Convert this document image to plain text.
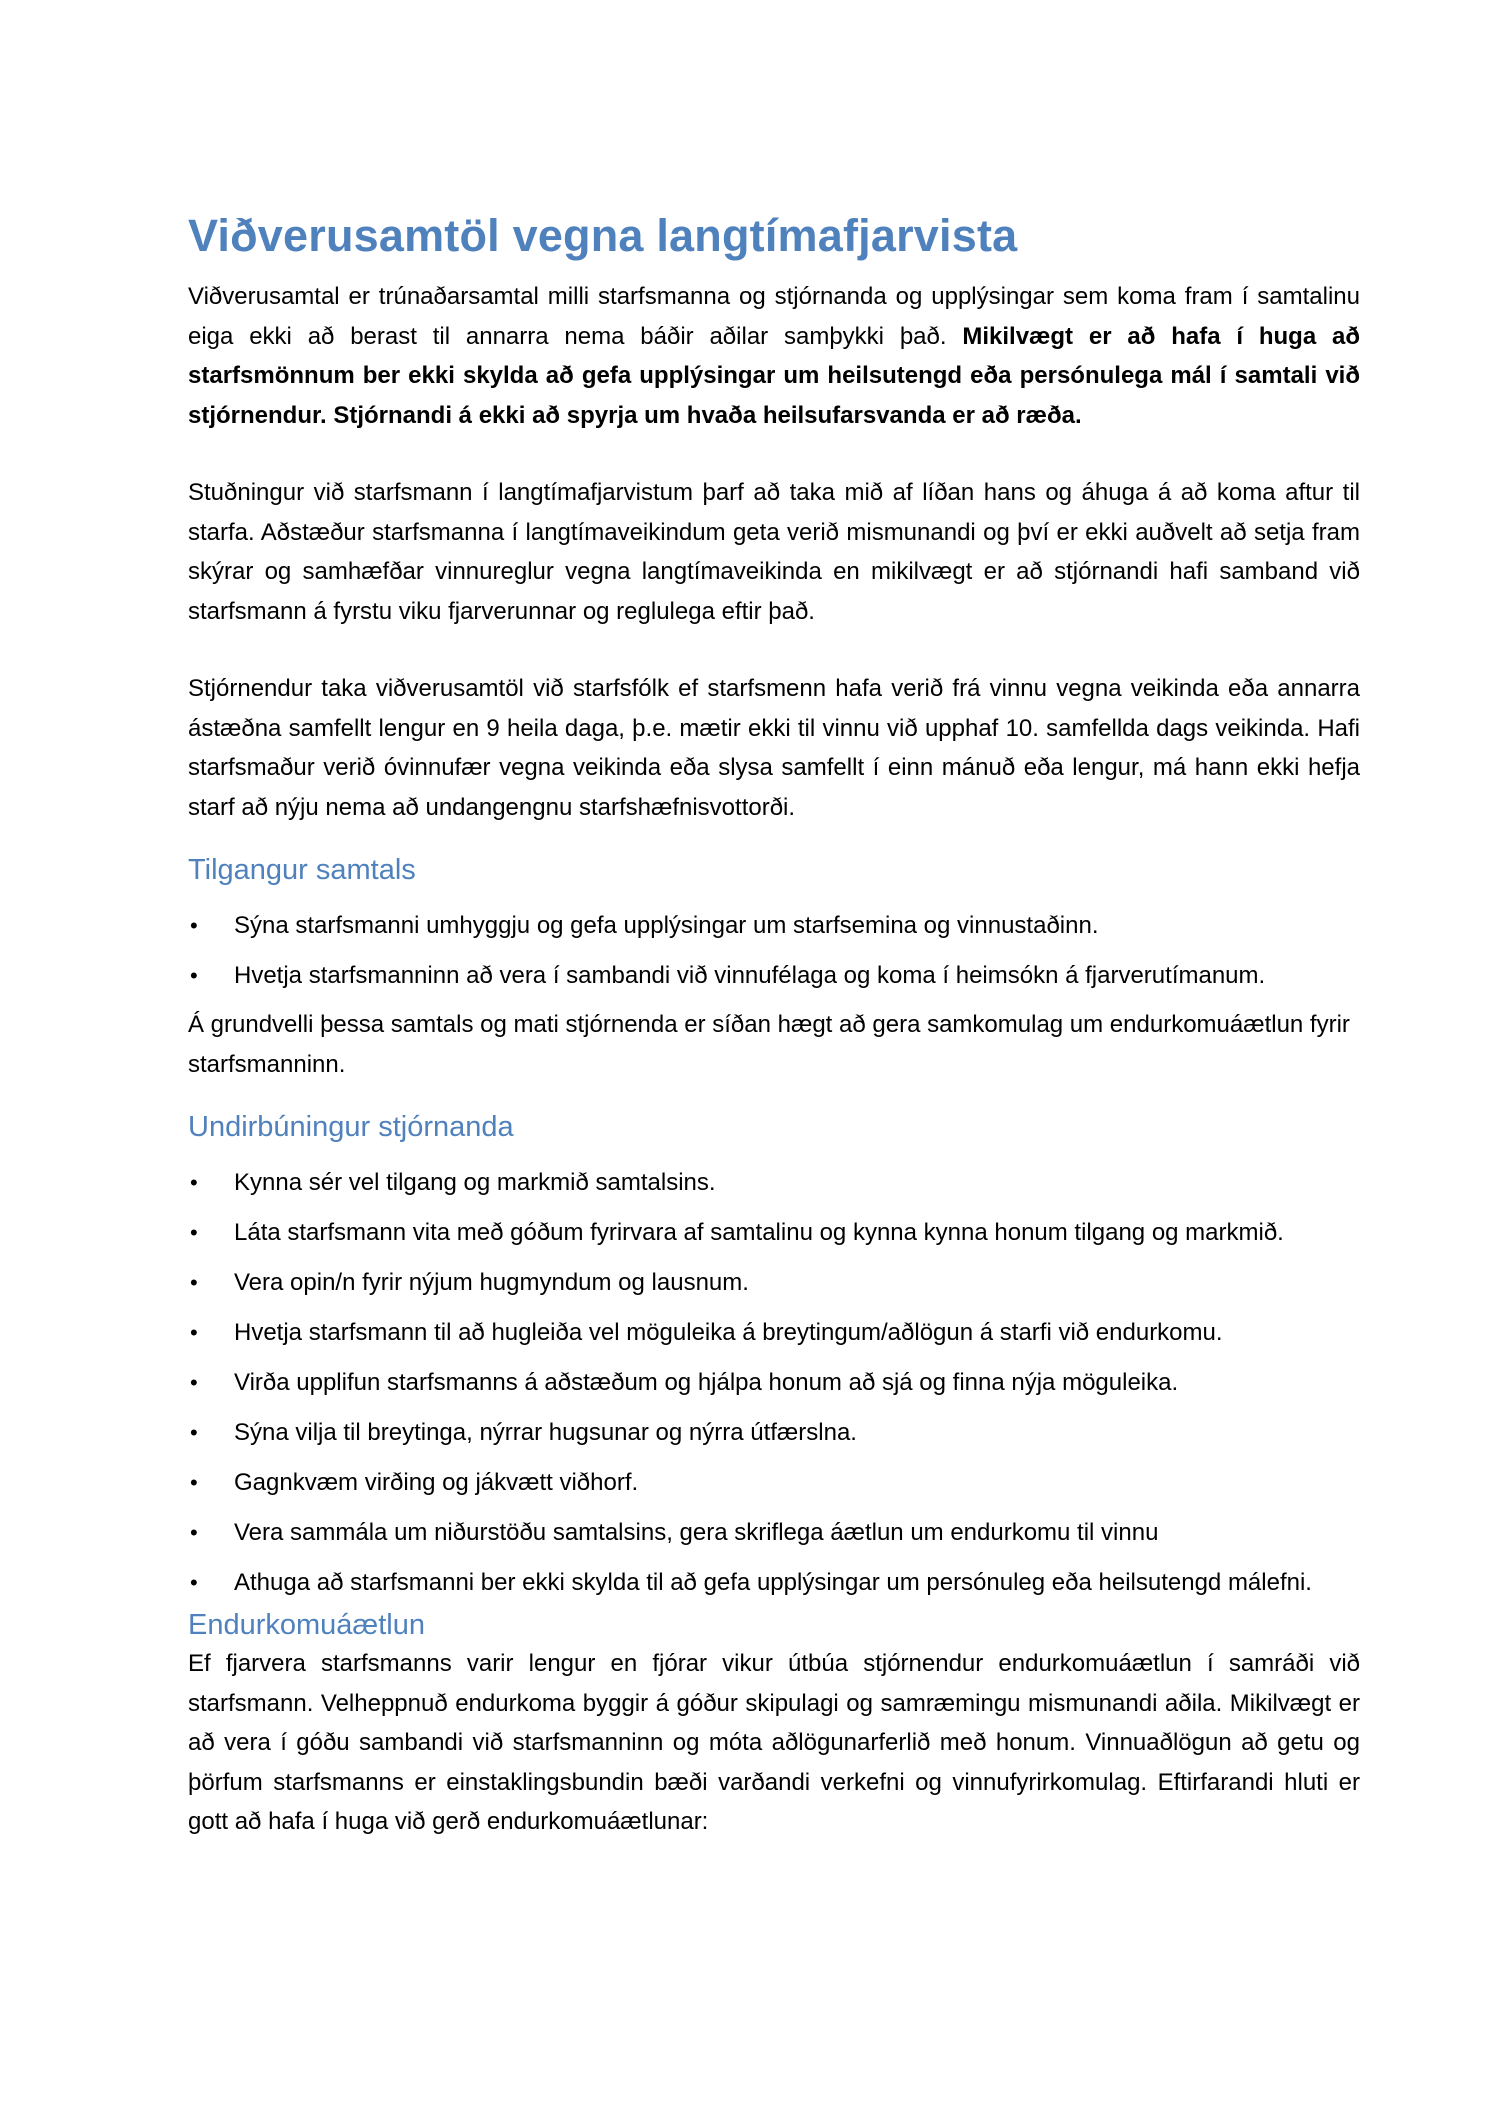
Viðverusamtöl vegna langtímafjarvista

Viðverusamtal er trúnaðarsamtal milli starfsmanna og stjórnanda og upplýsingar sem koma fram í samtalinu eiga ekki að berast til annarra nema báðir aðilar samþykki það. Mikilvægt er að hafa í huga að starfsmönnum ber ekki skylda að gefa upplýsingar um heilsutengd eða persónulega mál í samtali við stjórnendur. Stjórnandi á ekki að spyrja um hvaða heilsufarsvanda er að ræða.

Stuðningur við starfsmann í langtímafjarvistum þarf að taka mið af líðan hans og áhuga á að koma aftur til starfa. Aðstæður starfsmanna í langtímaveikindum geta verið mismunandi og því er ekki auðvelt að setja fram skýrar og samhæfðar vinnureglur vegna langtímaveikinda en mikilvægt er að stjórnandi hafi samband við starfsmann á fyrstu viku fjarverunnar og reglulega eftir það.

Stjórnendur taka viðverusamtöl við starfsfólk ef starfsmenn hafa verið frá vinnu vegna veikinda eða annarra ástæðna samfellt lengur en 9 heila daga, þ.e. mætir ekki til vinnu við upphaf 10. samfellda dags veikinda. Hafi starfsmaður verið óvinnufær vegna veikinda eða slysa samfellt í einn mánuð eða lengur, má hann ekki hefja starf að nýju nema að undangengnu starfshæfnisvottorði.

Tilgangur samtals
• Sýna starfsmanni umhyggju og gefa upplýsingar um starfsemina og vinnustaðinn.
• Hvetja starfsmanninn að vera í sambandi við vinnufélaga og koma í heimsókn á fjarverutímanum.

Á grundvelli þessa samtals og mati stjórnenda er síðan hægt að gera samkomulag um endurkomuáætlun fyrir starfsmanninn.

Undirbúningur stjórnanda
• Kynna sér vel tilgang og markmið samtalsins.
• Láta starfsmann vita með góðum fyrirvara af samtalinu og kynna kynna honum tilgang og markmið.
• Vera opin/n fyrir nýjum hugmyndum og lausnum.
• Hvetja starfsmann til að hugleiða vel möguleika á breytingum/aðlögun á starfi við endurkomu.
• Virða upplifun starfsmanns á aðstæðum og hjálpa honum að sjá og finna nýja möguleika.
• Sýna vilja til breytinga, nýrrar hugsunar og nýrra útfærslna.
• Gagnkvæm virðing og jákvætt viðhorf.
• Vera sammála um niðurstöðu samtalsins, gera skriflega áætlun um endurkomu til vinnu
• Athuga að starfsmanni ber ekki skylda til að gefa upplýsingar um persónuleg eða heilsutengd málefni.
Endurkomuáætlun

Ef fjarvera starfsmanns varir lengur en fjórar vikur útbúa stjórnendur endurkomuáætlun í samráði við starfsmann. Velheppnuð endurkoma byggir á góður skipulagi og samræmingu mismunandi aðila. Mikilvægt er að vera í góðu sambandi við starfsmanninn og móta aðlögunarferlið með honum. Vinnuaðlögun að getu og þörfum starfsmanns er einstaklingsbundin bæði varðandi verkefni og vinnufyrirkomulag. Eftirfarandi hluti er gott að hafa í huga við gerð endurkomuáætlunar:
